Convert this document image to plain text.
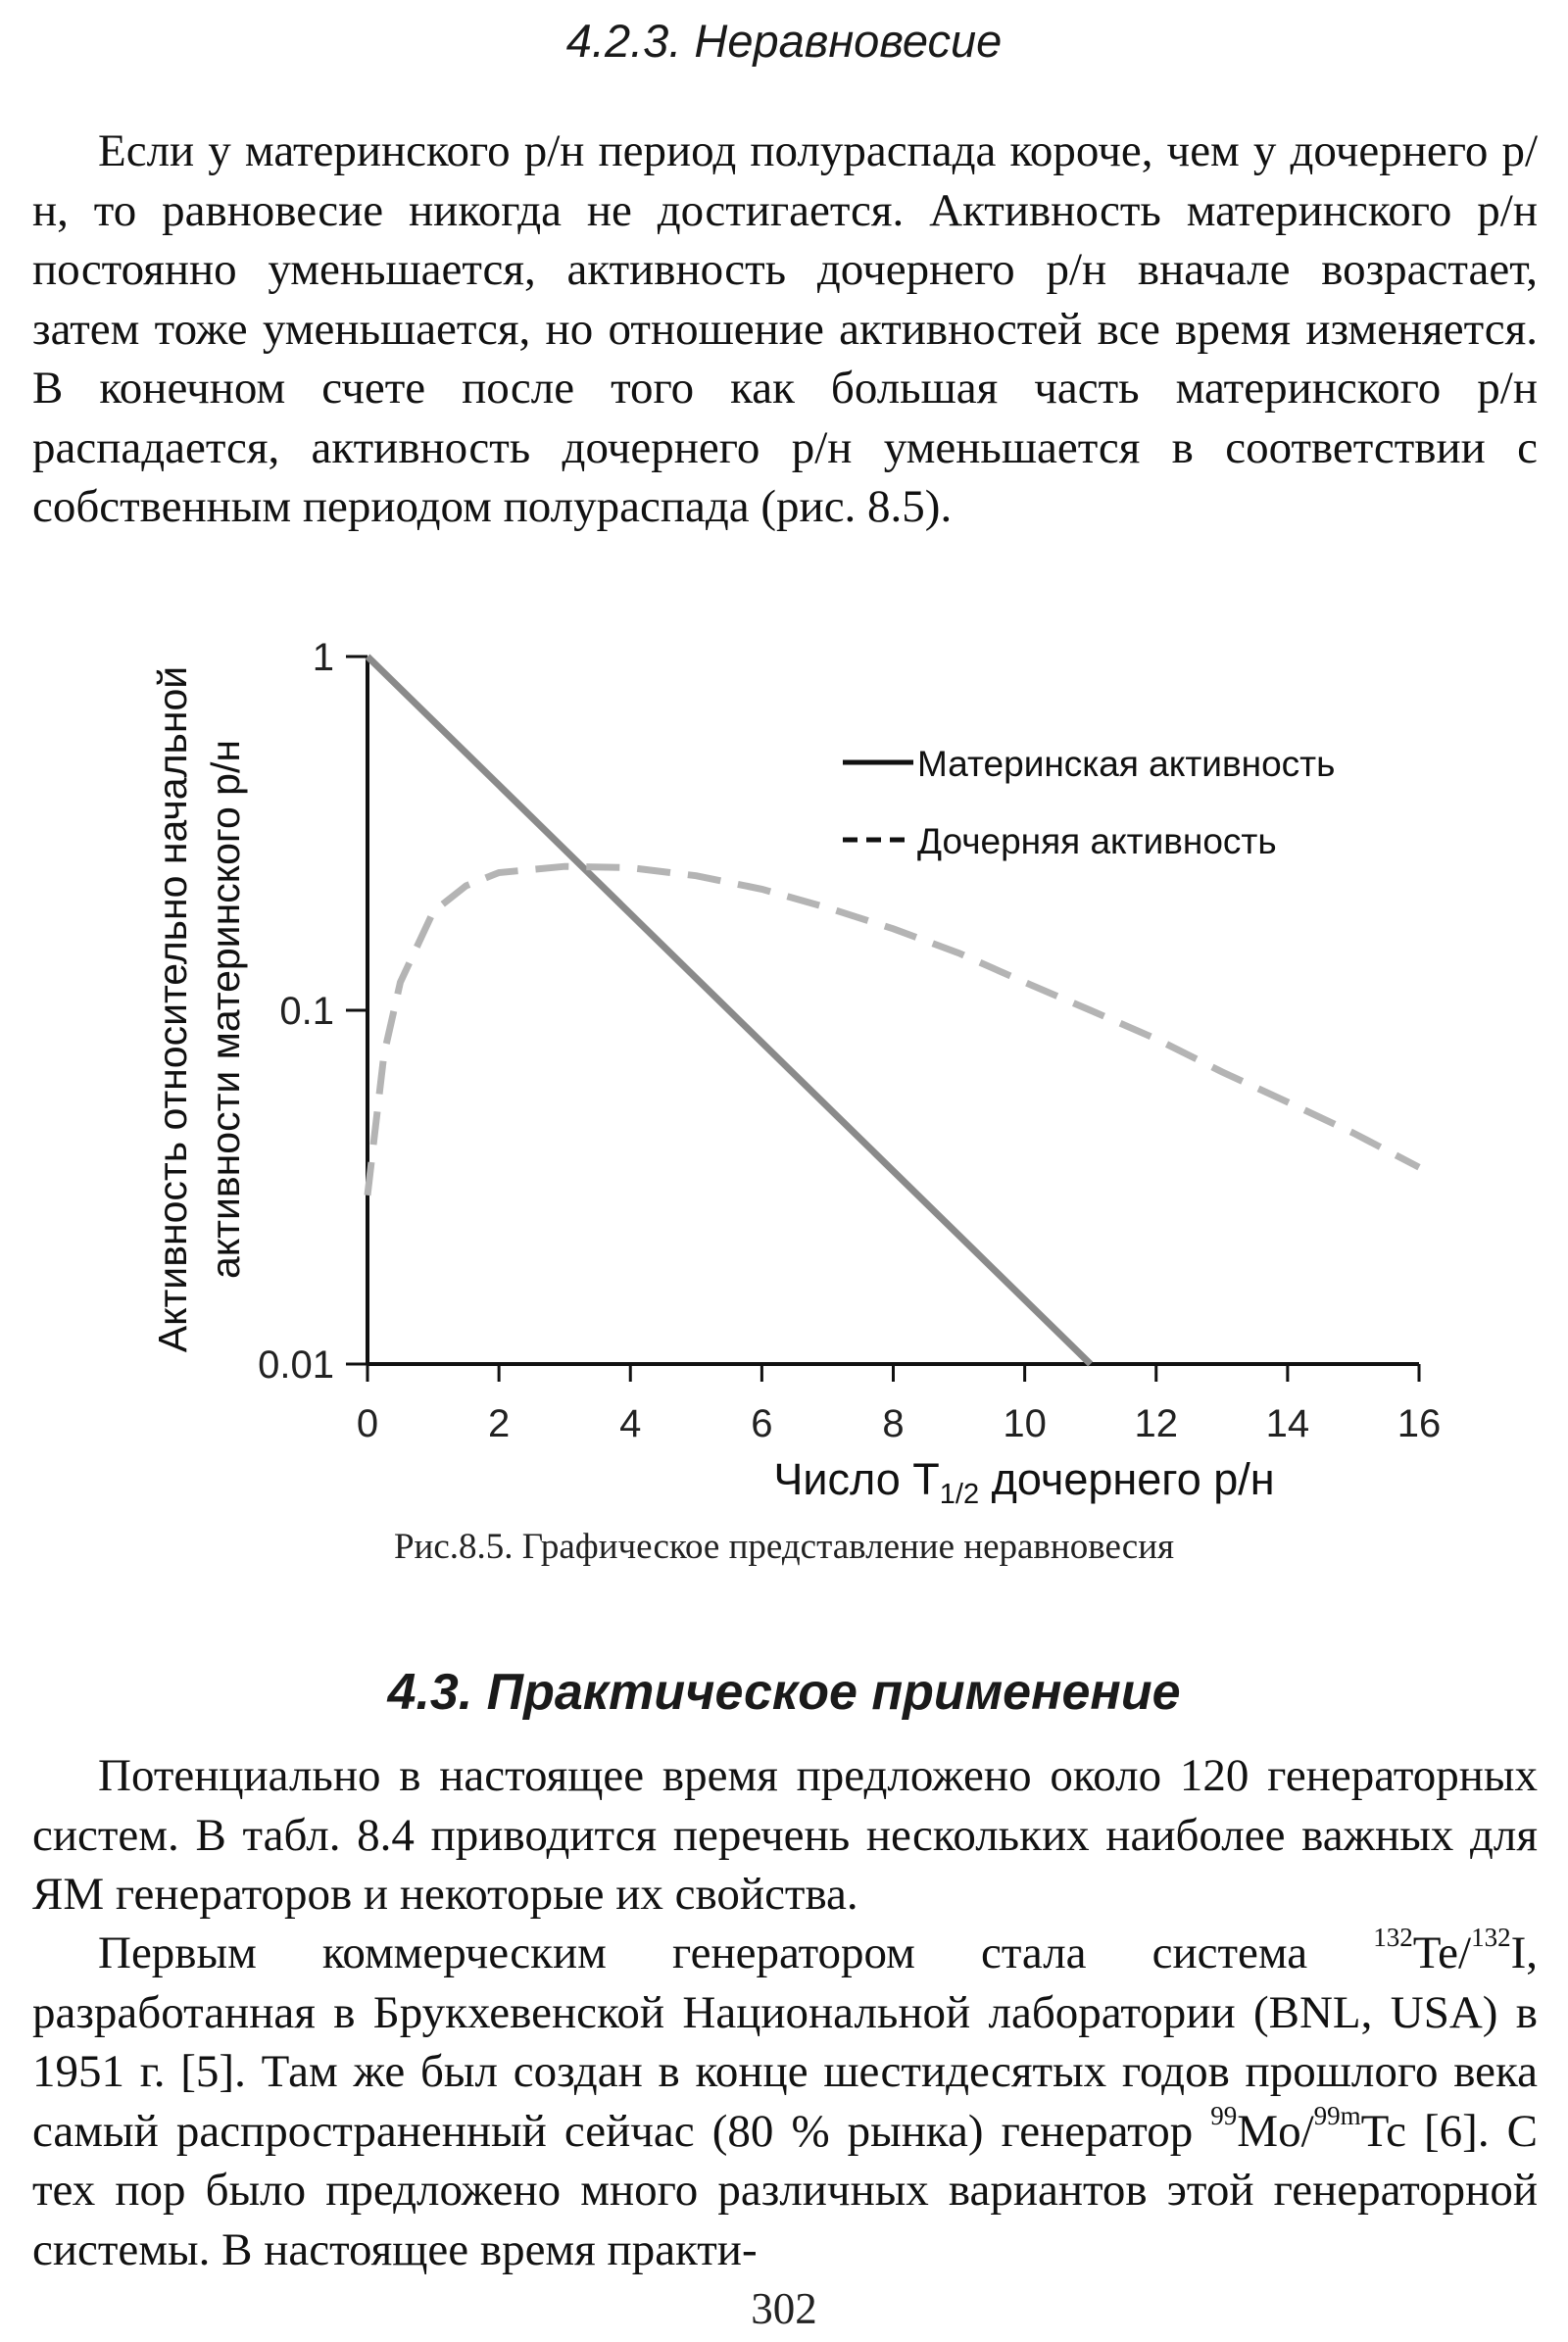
4.2.3. Неравновесие

Если у материнского р/н период полураспада короче, чем у дочернего р/н, то равновесие никогда не достигается. Активность материнского р/н постоянно уменьшается, активность дочернего р/н вначале возрастает, затем тоже уменьшается, но отношение активностей все время изменяется. В конечном счете после того как большая часть материнского р/н распадается, активность дочернего р/н уменьшается в соответствии с собственным периодом полураспада (рис. 8.5).

0	2	4	6	8	10 12 14 16
1
0.1
0.01
Материнская активность
Дочерняя активность
Число $T_{1/2}$ дочернего р/н
Активность относительно начальной активности материнского р/н
Рис.8.5. Графическое представление неравновесия
4.3. Практическое применение

Потенциально в настоящее время предложено около 120 генераторных систем. В табл. 8.4 приводится перечень нескольких наиболее важных для ЯМ генераторов и некоторые их свойства.

Первым коммерческим генератором стала система $^{132}$Te/$^{132}$I, разработанная в Брукхевенской Национальной лаборатории (BNL, USA) в 1951 г. [5]. Там же был создан в конце шестидесятых годов прошлого века самый распространенный сейчас (80 % рынка) генератор $^{99}$Mo/$^{99m}$Tc [6]. С тех пор было предложено много различных вариантов этой генераторной системы. В настоящее время практи-

302
